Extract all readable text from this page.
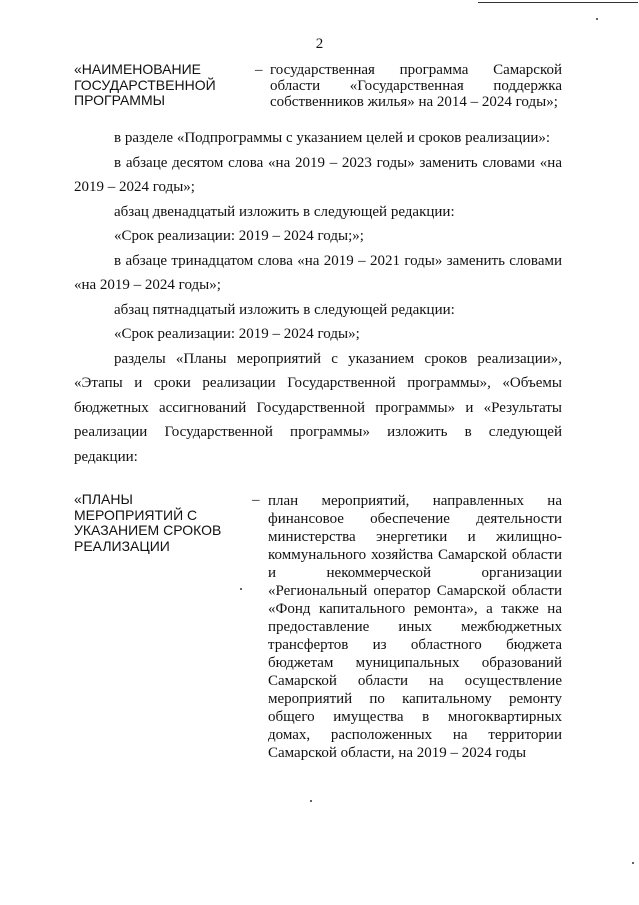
2
«НАИМЕНОВАНИЕ ГОСУДАРСТВЕННОЙ ПРОГРАММЫ
– государственная программа Самарской области «Государственная поддержка собственников жилья» на 2014 – 2024 годы»;

в разделе «Подпрограммы с указанием целей и сроков реализации»:

в абзаце десятом слова «на 2019 – 2023 годы» заменить словами «на 2019 – 2024 годы»;

абзац двенадцатый изложить в следующей редакции:

«Срок реализации: 2019 – 2024 годы;»;

в абзаце тринадцатом слова «на 2019 – 2021 годы» заменить словами «на 2019 – 2024 годы»;

абзац пятнадцатый изложить в следующей редакции:

«Срок реализации: 2019 – 2024 годы»;

разделы «Планы мероприятий с указанием сроков реализации», «Этапы и сроки реализации Государственной программы», «Объемы бюджетных ассигнований Государственной программы» и «Результаты реализации Государственной программы» изложить в следующей редакции:

«ПЛАНЫ МЕРОПРИЯТИЙ С УКАЗАНИЕМ СРОКОВ РЕАЛИЗАЦИИ
– план мероприятий, направленных на финансовое обеспечение деятельности министерства энергетики и жилищно-коммунального хозяйства Самарской области и некоммерческой организации «Региональный оператор Самарской области «Фонд капитального ремонта», а также на предоставление иных межбюджетных трансфертов из областного бюджета бюджетам муниципальных образований Самарской области на осуществление мероприятий по капитальному ремонту общего имущества в многоквартирных домах, расположенных на территории Самарской области, на 2019 – 2024 годы
